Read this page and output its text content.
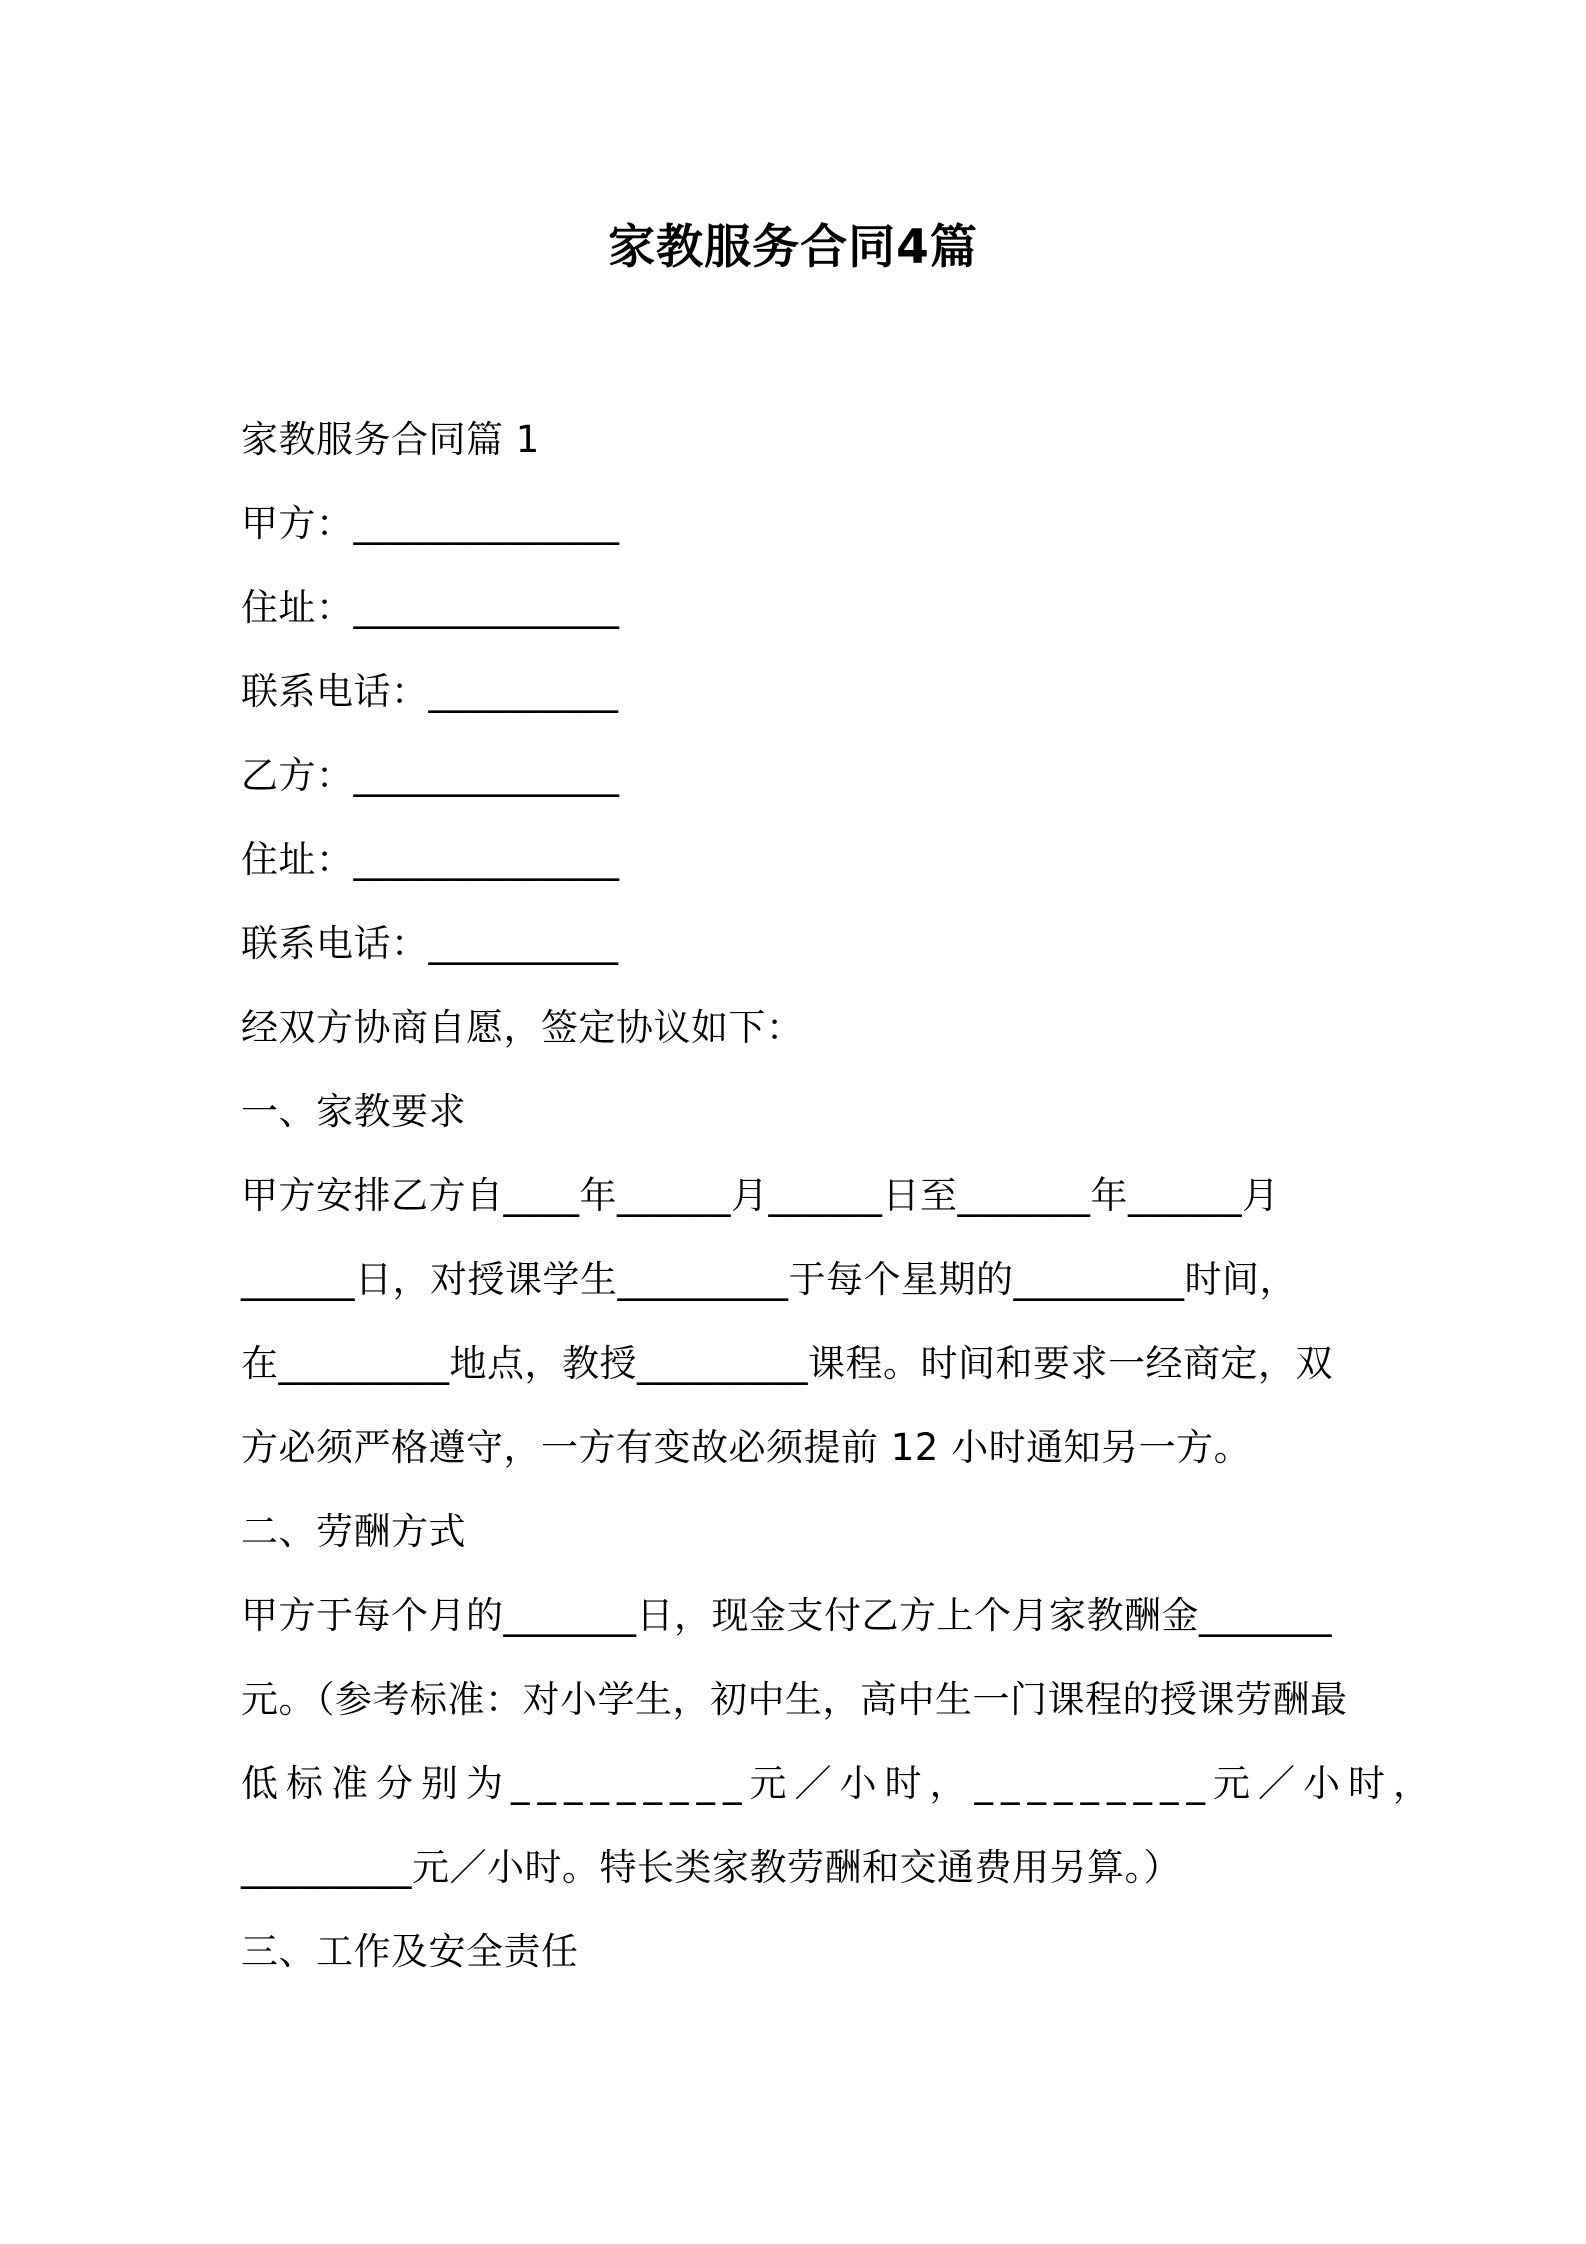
家教服务合同4篇
家教服务合同篇 1
甲方：______________
住址：______________
联系电话：__________
乙方：______________
住址：______________
联系电话：__________
经双方协商自愿，签定协议如下：
一、家教要求
甲方安排乙方自____年______月______日至_______年______月
______日，对授课学生_________于每个星期的_________时间，
在_________地点，教授_________课程。时间和要求一经商定，双
方必须严格遵守，一方有变故必须提前 12 小时通知另一方。
二、劳酬方式
甲方于每个月的_______日，现金支付乙方上个月家教酬金_______
元。（参考标准：对小学生，初中生，高中生一门课程的授课劳酬最
低标准分别为_________元／小时，_________元／小时，
_________元／小时。特长类家教劳酬和交通费用另算。）
三、工作及安全责任
